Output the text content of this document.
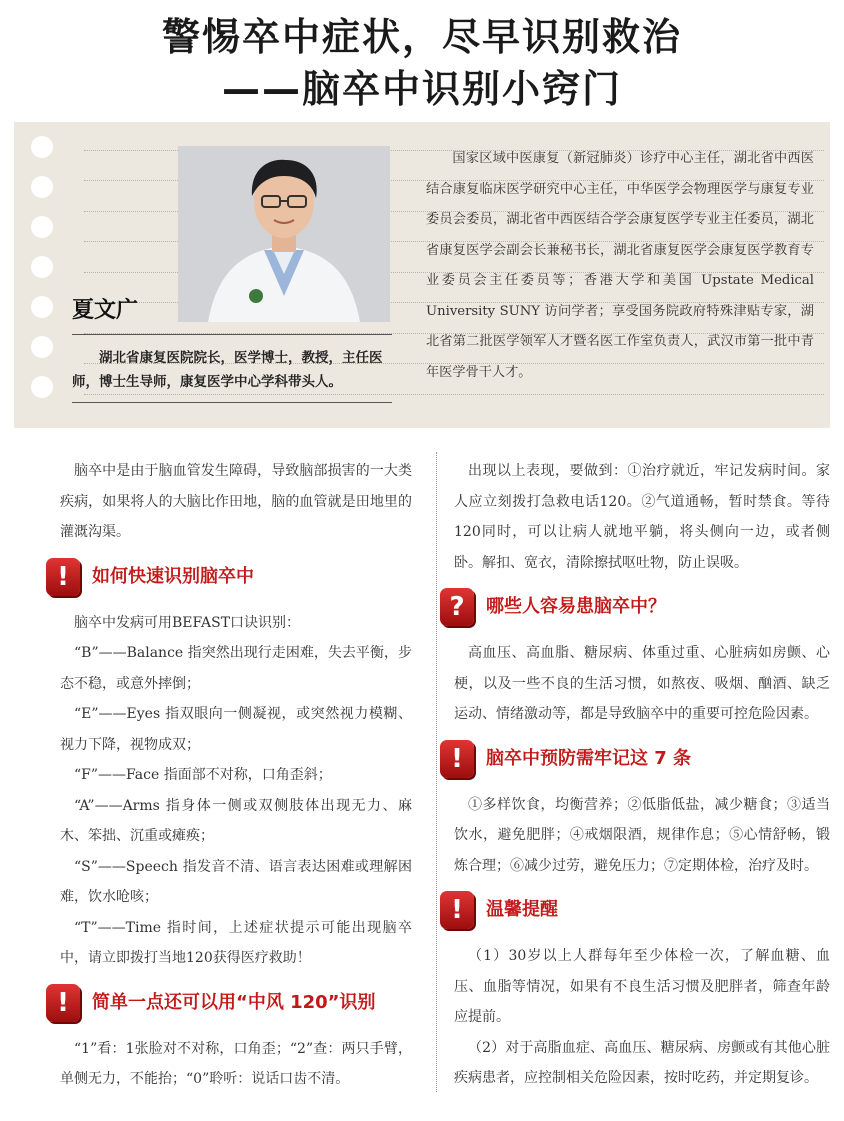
警惕卒中症状，尽早识别救治
——脑卒中识别小窍门
夏文广
湖北省康复医院院长，医学博士，教授，主任医师，博士生导师，康复医学中心学科带头人。
国家区域中医康复（新冠肺炎）诊疗中心主任，湖北省中西医结合康复临床医学研究中心主任，中华医学会物理医学与康复专业委员会委员，湖北省中西医结合学会康复医学专业主任委员，湖北省康复医学会副会长兼秘书长，湖北省康复医学会康复医学教育专业委员会主任委员等；香港大学和美国 Upstate Medical University SUNY 访问学者；享受国务院政府特殊津贴专家，湖北省第二批医学领军人才暨名医工作室负责人，武汉市第一批中青年医学骨干人才。

脑卒中是由于脑血管发生障碍，导致脑部损害的一大类疾病，如果将人的大脑比作田地，脑的血管就是田地里的灌溉沟渠。

!	如何快速识别脑卒中

脑卒中发病可用BEFAST口诀识别：

“B”——Balance 指突然出现行走困难，失去平衡，步态不稳，或意外摔倒；

“E”——Eyes 指双眼向一侧凝视，或突然视力模糊、视力下降，视物成双；

“F”——Face 指面部不对称，口角歪斜；

“A”——Arms 指身体一侧或双侧肢体出现无力、麻木、笨拙、沉重或瘫痪；

“S”——Speech 指发音不清、语言表达困难或理解困难，饮水呛咳；

“T”——Time 指时间，上述症状提示可能出现脑卒中，请立即拨打当地120获得医疗救助！

!	简单一点还可以用“中风 120”识别

“1”看：1张脸对不对称，口角歪；“2”查：两只手臂，单侧无力，不能抬；“0”聆听：说话口齿不清。

出现以上表现，要做到：①治疗就近，牢记发病时间。家人应立刻拨打急救电话120。②气道通畅，暂时禁食。等待120同时，可以让病人就地平躺，将头侧向一边，或者侧卧。解扣、宽衣，清除擦拭呕吐物，防止误吸。

?	哪些人容易患脑卒中？

高血压、高血脂、糖尿病、体重过重、心脏病如房颤、心梗，以及一些不良的生活习惯，如熬夜、吸烟、酗酒、缺乏运动、情绪激动等，都是导致脑卒中的重要可控危险因素。

!	脑卒中预防需牢记这 7 条

①多样饮食，均衡营养；②低脂低盐，减少糖食；③适当饮水，避免肥胖；④戒烟限酒，规律作息；⑤心情舒畅，锻炼合理；⑥减少过劳，避免压力；⑦定期体检，治疗及时。

!	温馨提醒

（1）30岁以上人群每年至少体检一次，了解血糖、血压、血脂等情况，如果有不良生活习惯及肥胖者，筛查年龄应提前。

（2）对于高脂血症、高血压、糖尿病、房颤或有其他心脏疾病患者，应控制相关危险因素，按时吃药，并定期复诊。
